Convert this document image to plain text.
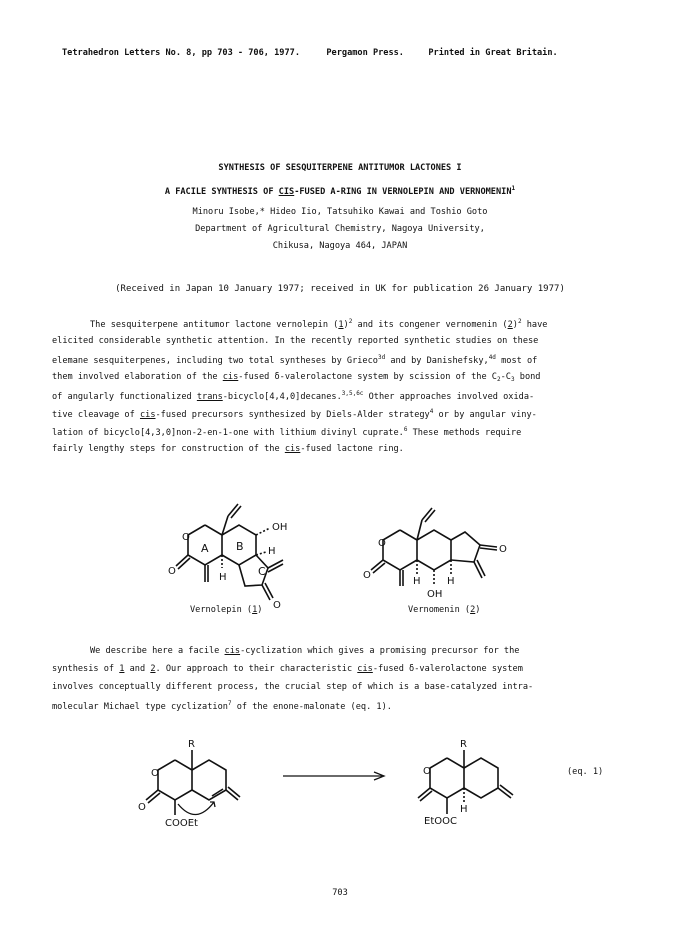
Tetrahedron Letters No. 8, pp 703 - 706, 1977.	Pergamon Press.	Printed in Great Britain.
SYNTHESIS OF SESQUITERPENE ANTITUMOR LACTONES I
A FACILE SYNTHESIS OF CIS-FUSED A-RING IN VERNOLEPIN AND VERNOMENIN$^1$
Minoru Isobe,* Hideo Iio, Tatsuhiko Kawai and Toshio Goto
Department of Agricultural Chemistry, Nagoya University,
Chikusa, Nagoya 464, JAPAN
(Received in Japan 10 January 1977; received in UK for publication 26 January 1977)
The sesquiterpene antitumor lactone vernolepin $(1)^2$ and its congener vernomenin $(2)^2$ have
elicited considerable synthetic attention. In the recently reported synthetic studies on these
elemane sesquiterpenes, including two total syntheses by Grieco$^{3d}$ and by Danishefsky,$^{4d}$ most of
them involved elaboration of the cis-fused δ-valerolactone system by scission of the $C_2-C_3$ bond
of angularly functionalized trans-bicyclo[4,4,0]decanes.$^{3,5,6c}$ Other approaches involved oxida-
tive cleavage of cis-fused precursors synthesized by Diels-Alder strategy$^4$ or by angular viny-
lation of bicyclo[4,3,0]non-2-en-1-one with lithium divinyl cuprate.$^6$ These methods require
fairly lengthy steps for construction of the cis-fused lactone ring.
O
O
O
A B
C
OH
H
H
O
O
O
H	H
OH
Vernolepin (1)	Vernomenin (2)
We describe here a facile cis-cyclization which gives a promising precursor for the
synthesis of 1 and 2. Our approach to their characteristic cis-fused δ-valerolactone system
involves conceptually different process, the crucial step of which is a base-catalyzed intra-
molecular Michael type cyclization$^7$ of the enone-malonate (eq. 1).
R
O
O
COOEt
R
O
H
EtOOC
(eq. 1)
703
